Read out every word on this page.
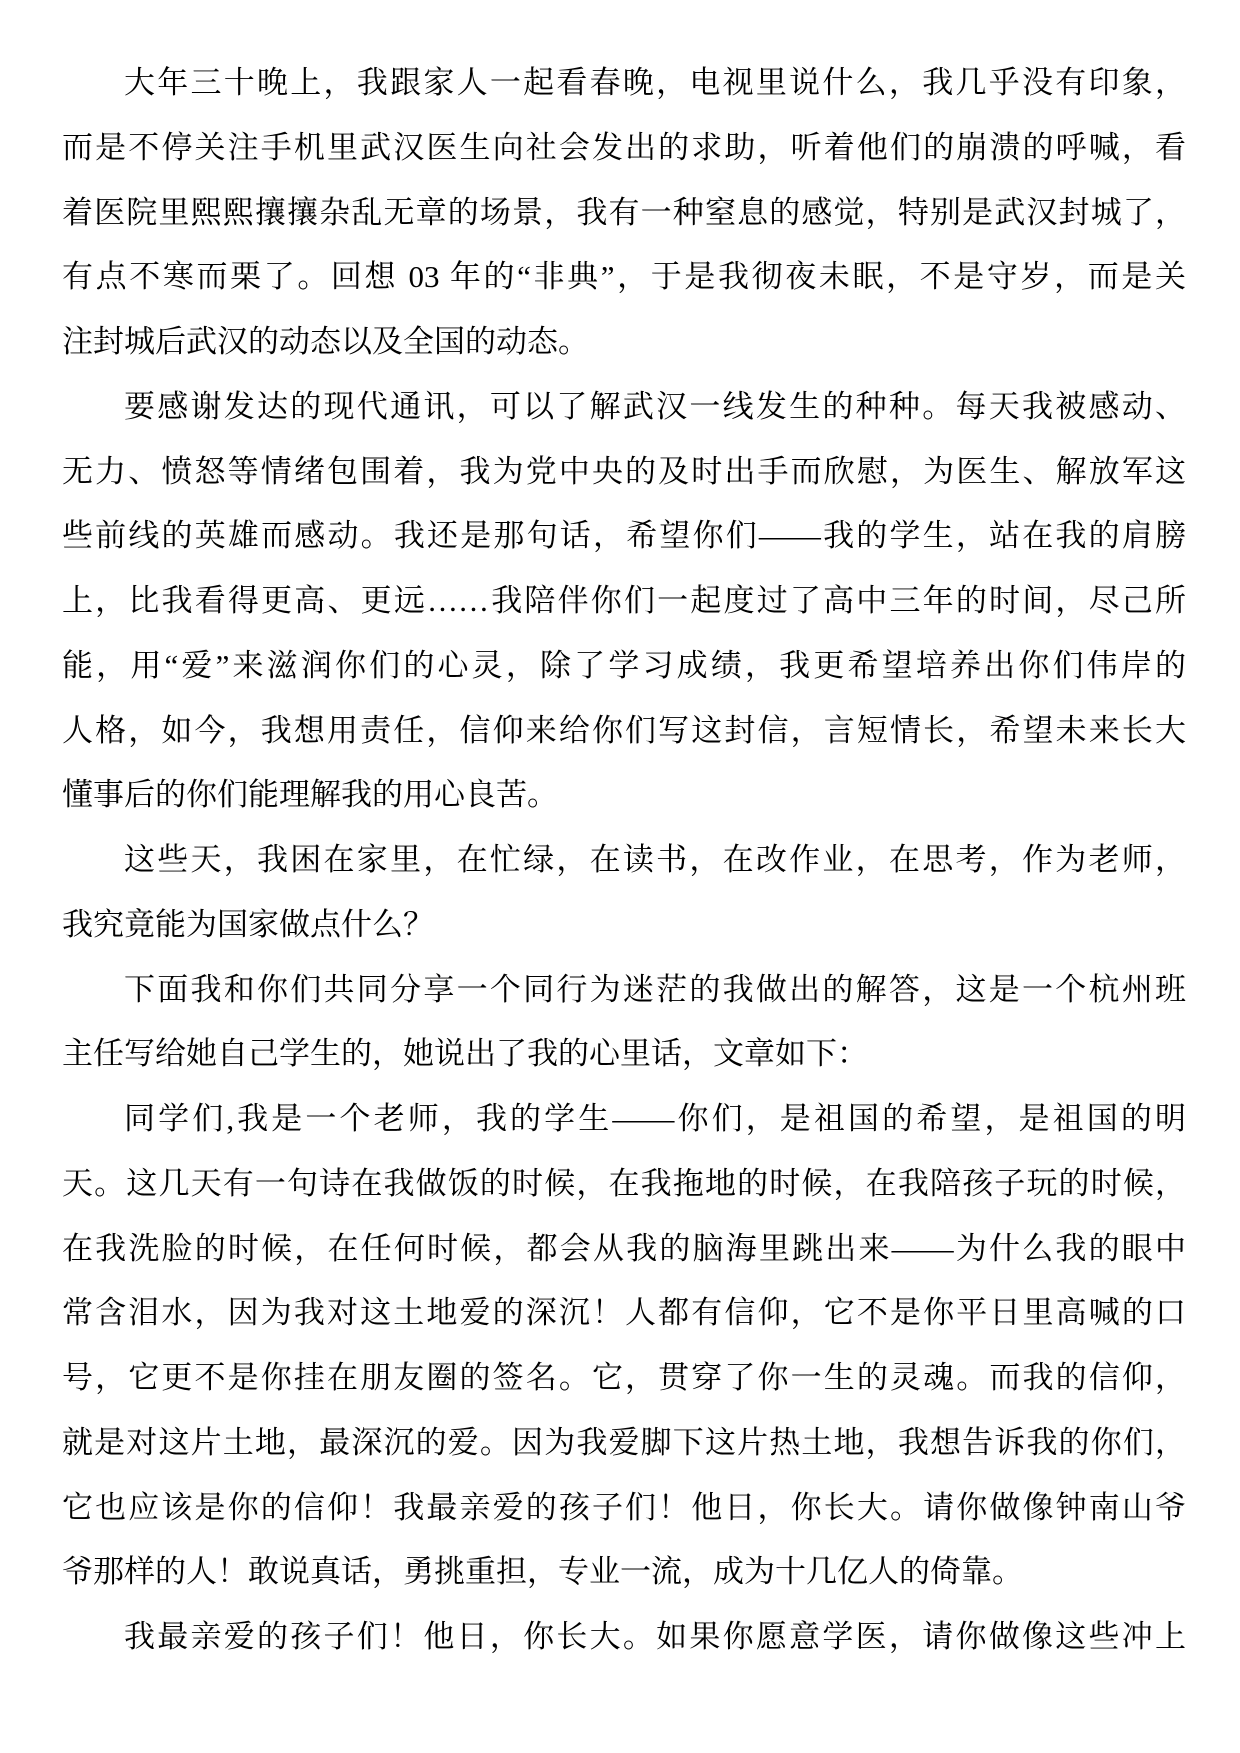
大年三十晚上，我跟家人一起看春晚，电视里说什么，我几乎没有印象，
而是不停关注手机里武汉医生向社会发出的求助，听着他们的崩溃的呼喊，看
着医院里熙熙攘攘杂乱无章的场景，我有一种窒息的感觉，特别是武汉封城了，
有点不寒而栗了。回想 03 年的“非典”，于是我彻夜未眠，不是守岁，而是关
注封城后武汉的动态以及全国的动态。
要感谢发达的现代通讯，可以了解武汉一线发生的种种。每天我被感动、
无力、愤怒等情绪包围着，我为党中央的及时出手而欣慰，为医生、解放军这
些前线的英雄而感动。我还是那句话，希望你们——我的学生，站在我的肩膀
上，比我看得更高、更远……我陪伴你们一起度过了高中三年的时间，尽己所
能，用“爱”来滋润你们的心灵，除了学习成绩，我更希望培养出你们伟岸的
人格，如今，我想用责任，信仰来给你们写这封信，言短情长，希望未来长大
懂事后的你们能理解我的用心良苦。
这些天，我困在家里，在忙绿，在读书，在改作业，在思考，作为老师，
我究竟能为国家做点什么？
下面我和你们共同分享一个同行为迷茫的我做出的解答，这是一个杭州班
主任写给她自己学生的，她说出了我的心里话，文章如下：
同学们,我是一个老师，我的学生——你们，是祖国的希望，是祖国的明
天。这几天有一句诗在我做饭的时候，在我拖地的时候，在我陪孩子玩的时候，
在我洗脸的时候，在任何时候，都会从我的脑海里跳出来——为什么我的眼中
常含泪水，因为我对这土地爱的深沉！人都有信仰，它不是你平日里高喊的口
号，它更不是你挂在朋友圈的签名。它，贯穿了你一生的灵魂。而我的信仰，
就是对这片土地，最深沉的爱。因为我爱脚下这片热土地，我想告诉我的你们，
它也应该是你的信仰！我最亲爱的孩子们！他日，你长大。请你做像钟南山爷
爷那样的人！敢说真话，勇挑重担，专业一流，成为十几亿人的倚靠。
我最亲爱的孩子们！他日，你长大。如果你愿意学医，请你做像这些冲上
